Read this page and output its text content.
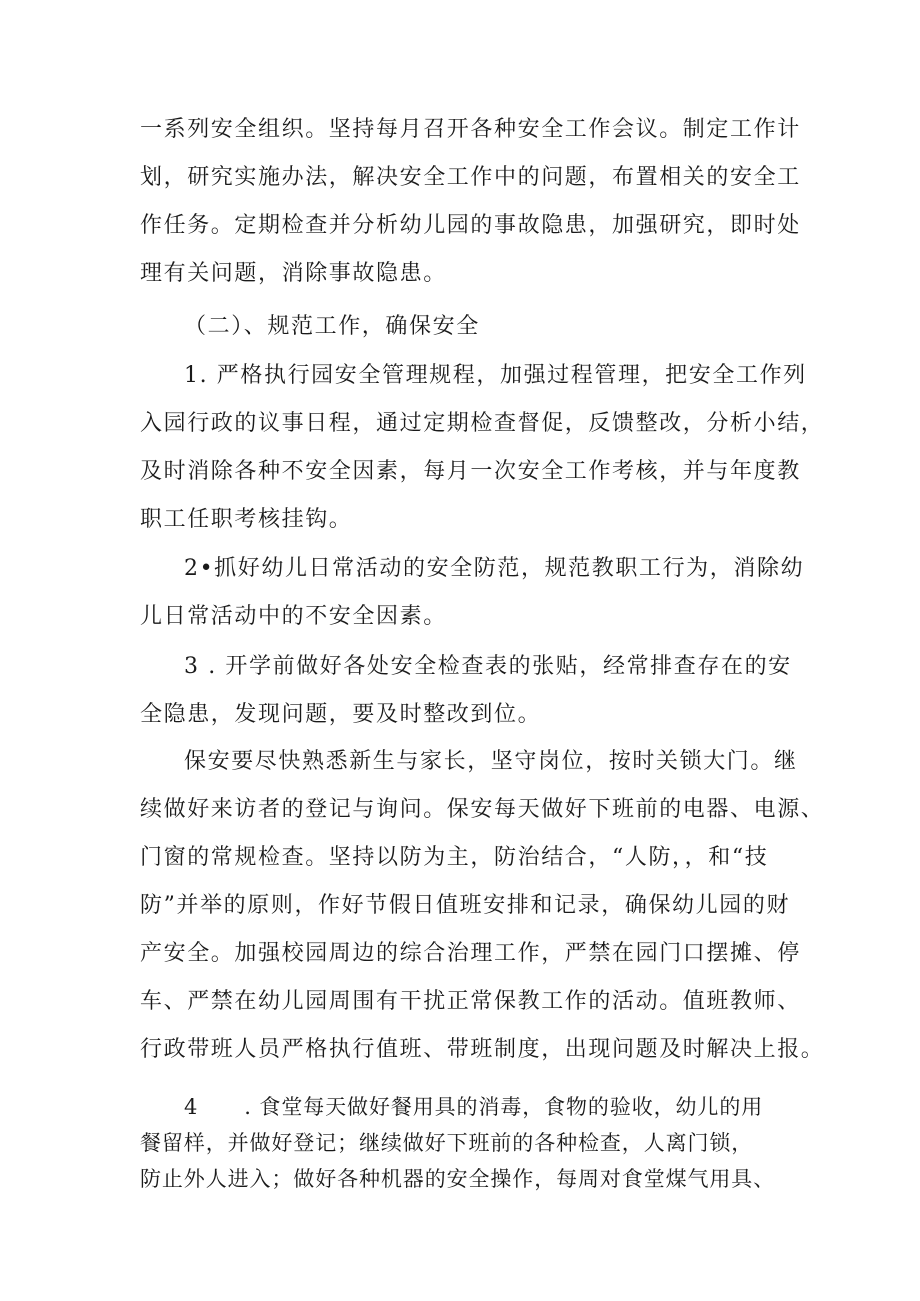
一系列安全组织。坚持每月召开各种安全工作会议。制定工作计
划，研究实施办法，解决安全工作中的问题，布置相关的安全工
作任务。定期检查并分析幼儿园的事故隐患，加强研究，即时处
理有关问题，消除事故隐患。
（二）、规范工作，确保安全
1. 严格执行园安全管理规程，加强过程管理，把安全工作列
入园行政的议事日程，通过定期检查督促，反馈整改，分析小结，
及时消除各种不安全因素，每月一次安全工作考核，并与年度教
职工任职考核挂钩。
2•抓好幼儿日常活动的安全防范，规范教职工行为，消除幼
儿日常活动中的不安全因素。
3 . 开学前做好各处安全检查表的张贴，经常排查存在的安
全隐患，发现问题，要及时整改到位。
保安要尽快熟悉新生与家长，坚守岗位，按时关锁大门。继
续做好来访者的登记与询问。保安每天做好下班前的电器、电源、
门窗的常规检查。坚持以防为主，防治结合，“人防，，和“技
防”并举的原则，作好节假日值班安排和记录，确保幼儿园的财
产安全。加强校园周边的综合治理工作，严禁在园门口摆摊、停
车、严禁在幼儿园周围有干扰正常保教工作的活动。值班教师、
行政带班人员严格执行值班、带班制度，出现问题及时解决上报。
4 . 食堂每天做好餐用具的消毒，食物的验收，幼儿的用
餐留样，并做好登记；继续做好下班前的各种检查，人离门锁，
防止外人进入；做好各种机器的安全操作，每周对食堂煤气用具、
